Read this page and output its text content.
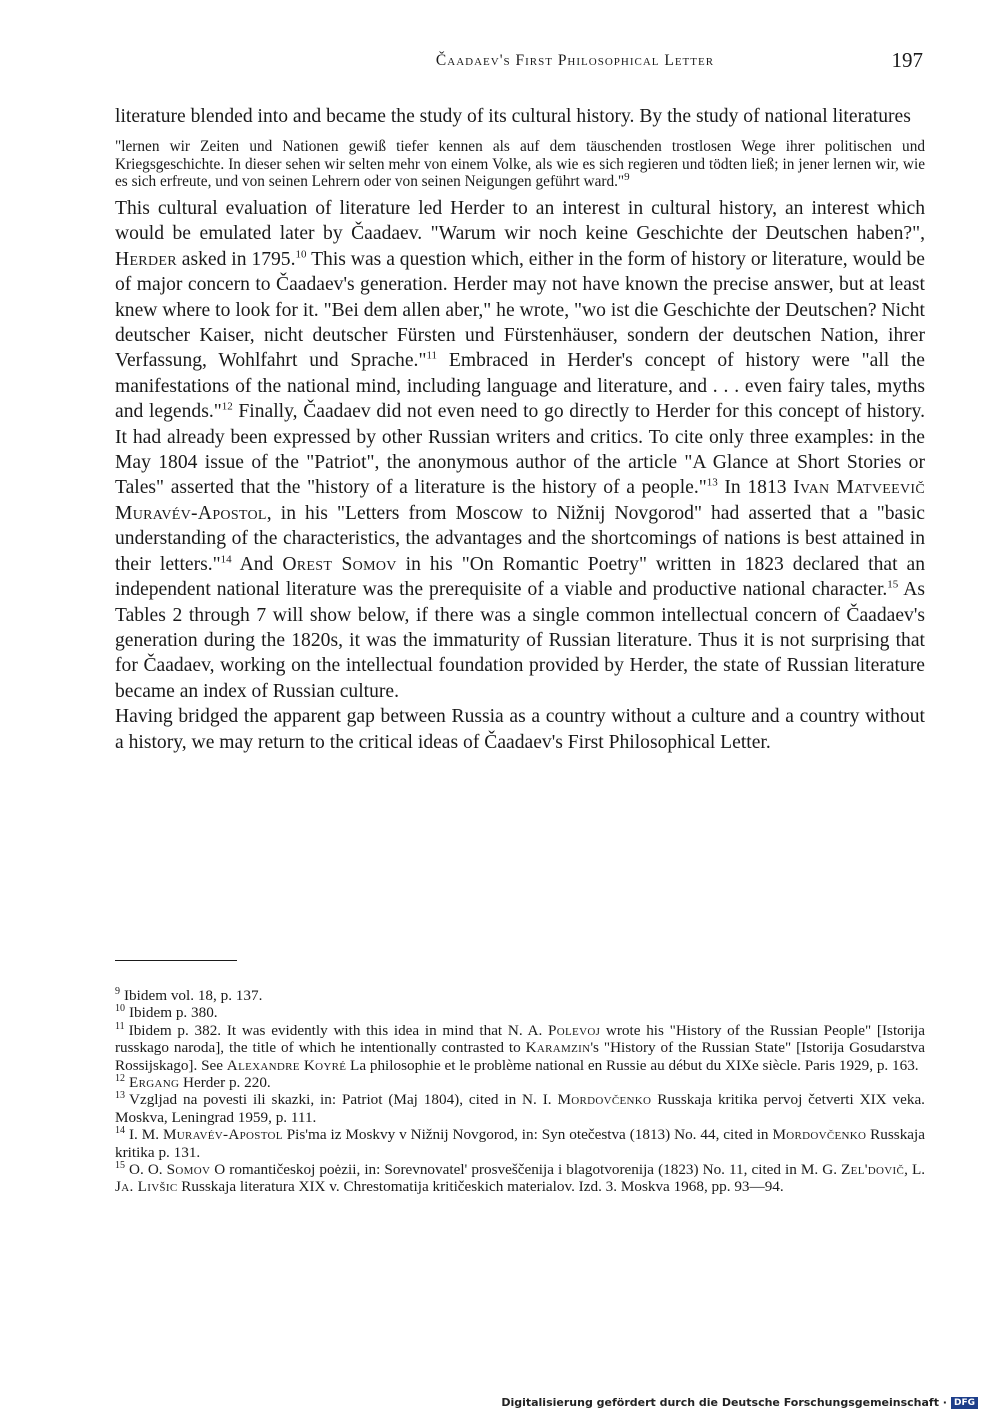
Čaadaev's First Philosophical Letter	197

literature blended into and became the study of its cultural history. By the study of national literatures

"lernen wir Zeiten und Nationen gewiß tiefer kennen als auf dem täuschenden trostlosen Wege ihrer politischen und Kriegsgeschichte. In dieser sehen wir selten mehr von einem Volke, als wie es sich regieren und tödten ließ; in jener lernen wir, wie es sich erfreute, und von seinen Lehrern oder von seinen Neigungen geführt ward."$^9$

This cultural evaluation of literature led Herder to an interest in cultural history, an interest which would be emulated later by Čaadaev. "Warum wir noch keine Geschichte der Deutschen haben?", Herder asked in 1795.10 This was a question which, either in the form of history or literature, would be of major concern to Čaadaev's generation. Herder may not have known the precise answer, but at least knew where to look for it. "Bei dem allen aber," he wrote, "wo ist die Geschichte der Deutschen? Nicht deutscher Kaiser, nicht deutscher Fürsten und Fürstenhäuser, sondern der deutschen Nation, ihrer Verfassung, Wohlfahrt und Sprache."$^{11}$ Embraced in Herder's concept of history were "all the manifestations of the national mind, including language and literature, and . . . even fairy tales, myths and legends."$^{12}$ Finally, Čaadaev did not even need to go directly to Herder for this concept of history. It had already been expressed by other Russian writers and critics. To cite only three examples: in the May 1804 issue of the "Patriot", the anonymous author of the article "A Glance at Short Stories or Tales" asserted that the "history of a literature is the history of a people."$^{13}$ In 1813 Ivan Matveevič Muravév-Apostol, in his "Letters from Moscow to Nižnij Novgorod" had asserted that a "basic understanding of the characteristics, the advantages and the shortcomings of nations is best attained in their letters."$^{14}$ And Orest Somov in his "On Romantic Poetry" written in 1823 declared that an independent national literature was the prerequisite of a viable and productive national character.$^{15}$ As Tables 2 through 7 will show below, if there was a single common intellectual concern of Čaadaev's generation during the 1820s, it was the immaturity of Russian literature. Thus it is not surprising that for Čaadaev, working on the intellectual foundation provided by Herder, the state of Russian literature became an index of Russian culture.

Having bridged the apparent gap between Russia as a country without a culture and a country without a history, we may return to the critical ideas of Čaadaev's First Philosophical Letter.

$^9$ Ibidem vol. 18, p. 137.

$^{10}$ Ibidem p. 380.

$^{11}$ Ibidem p. 382. It was evidently with this idea in mind that N. A. Polevoj wrote his "History of the Russian People" [Istorija russkago naroda], the title of which he intentionally contrasted to Karamzin's "History of the Russian State" [Istorija Gosudarstva Rossijskago]. See Alexandre Koyré La philosophie et le problème national en Russie au début du XIXe siècle. Paris 1929, p. 163.

$^{12}$ Ergang Herder p. 220.

$^{13}$ Vzgljad na povesti ili skazki, in: Patriot (Maj 1804), cited in N. I. Mordovčenko Russkaja kritika pervoj četverti XIX veka. Moskva, Leningrad 1959, p. 111.

$^{14}$ I. M. Muravév-Apostol Pis'ma iz Moskvy v Nižnij Novgorod, in: Syn otečestva (1813) No. 44, cited in Mordovčenko Russkaja kritika p. 131.

$^{15}$ O. O. Somov O romantičeskoj poėzii, in: Sorevnovatel' prosveščenija i blagotvorenija (1823) No. 11, cited in M. G. Zel'dovič, L. Ja. Livšic Russkaja literatura XIX v. Chrestomatija kritičeskich materialov. Izd. 3. Moskva 1968, pp. 93—94.

Digitalisierung gefördert durch die Deutsche Forschungsgemeinschaft · DFG
